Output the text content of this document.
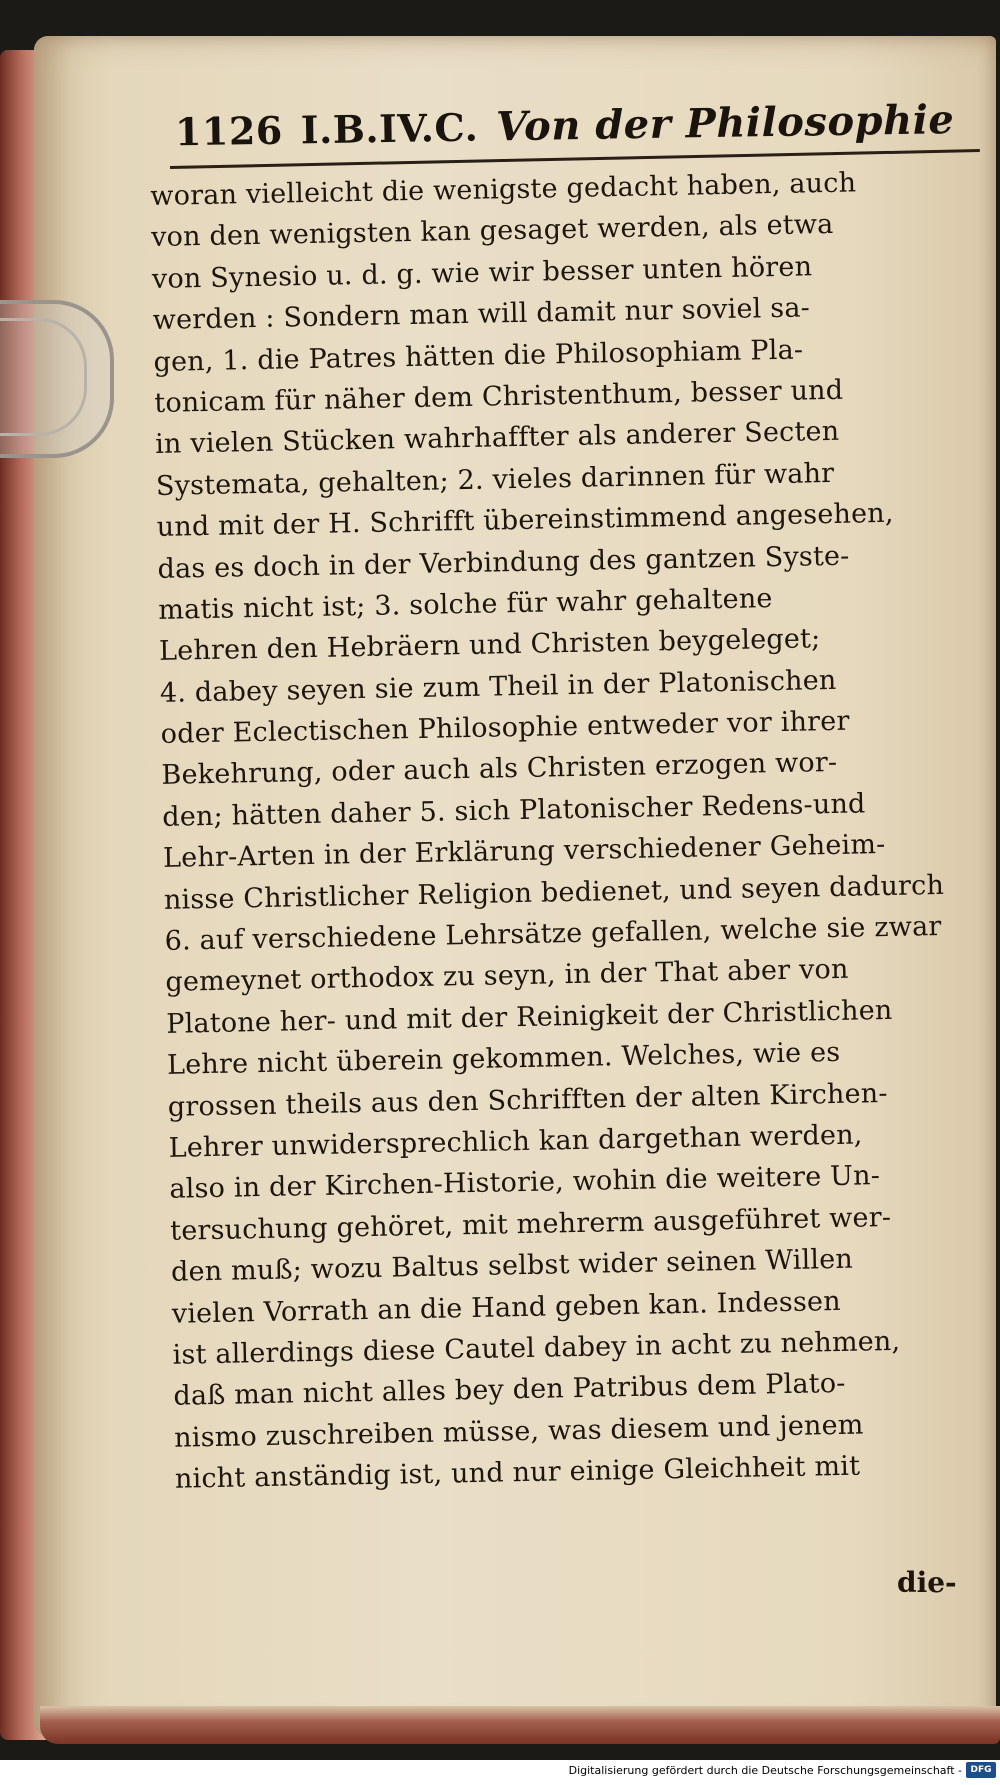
1126 I.B.IV.C. Von der Philosophie
woran vielleicht die wenigste gedacht haben, auch
von den wenigsten kan gesaget werden, als etwa
von Synesio u. d. g. wie wir besser unten hören
werden : Sondern man will damit nur soviel sa-
gen, 1. die Patres hätten die Philosophiam Pla-
tonicam für näher dem Christenthum, besser und
in vielen Stücken wahrhaffter als anderer Secten
Systemata, gehalten; 2. vieles darinnen für wahr
und mit der H. Schrifft übereinstimmend angesehen,
das es doch in der Verbindung des gantzen Syste-
matis nicht ist; 3. solche für wahr gehaltene
Lehren den Hebräern und Christen beygeleget;
4. dabey seyen sie zum Theil in der Platonischen
oder Eclectischen Philosophie entweder vor ihrer
Bekehrung, oder auch als Christen erzogen wor-
den; hätten daher 5. sich Platonischer Redens-und
Lehr-Arten in der Erklärung verschiedener Geheim-
nisse Christlicher Religion bedienet, und seyen dadurch
6. auf verschiedene Lehrsätze gefallen, welche sie zwar
gemeynet orthodox zu seyn, in der That aber von
Platone her- und mit der Reinigkeit der Christlichen
Lehre nicht überein gekommen. Welches, wie es
grossen theils aus den Schrifften der alten Kirchen-
Lehrer unwidersprechlich kan dargethan werden,
also in der Kirchen-Historie, wohin die weitere Un-
tersuchung gehöret, mit mehrerm ausgeführet wer-
den muß; wozu Baltus selbst wider seinen Willen
vielen Vorrath an die Hand geben kan. Indessen
ist allerdings diese Cautel dabey in acht zu nehmen,
daß man nicht alles bey den Patribus dem Plato-
nismo zuschreiben müsse, was diesem und jenem
nicht anständig ist, und nur einige Gleichheit mit
die-
Digitalisierung gefördert durch die Deutsche Forschungsgemeinschaft - DFG
